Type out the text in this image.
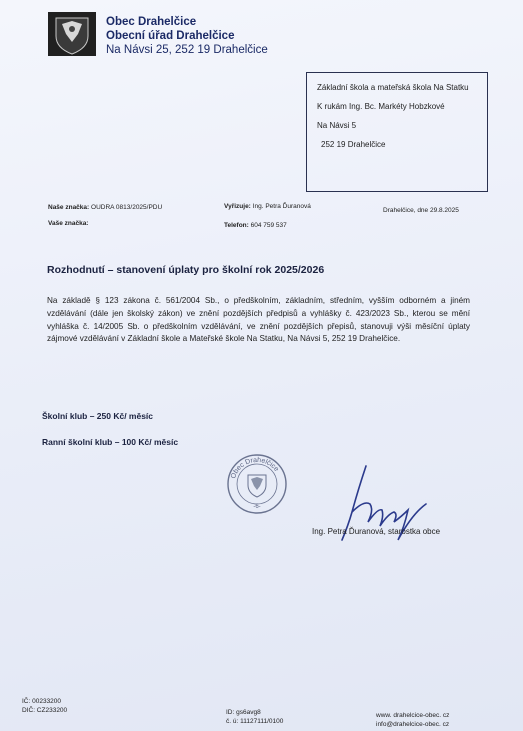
Obec Drahelčice
Obecní úřad Drahelčice
Na Návsi 25, 252 19 Drahelčice
Základní škola a mateřská škola Na Statku
K rukám Ing. Bc. Markéty Hobzkové
Na Návsi 5
252 19 Drahelčice
Naše značka: OUDRA 0813/2025/PDU
Vaše značka:
Vyřizuje: Ing. Petra Ďuranová
Telefon: 604 759 537
Drahelčice, dne 29.8.2025
Rozhodnutí – stanovení úplaty pro školní rok 2025/2026
Na základě § 123 zákona č. 561/2004 Sb., o předškolním, základním, středním, vyšším odborném a jiném vzdělávání (dále jen školský zákon) ve znění pozdějších předpisů a vyhlášky č. 423/2023 Sb., kterou se mění vyhláška č. 14/2005 Sb. o předškolním vzdělávání, ve znění pozdějších přepisů, stanovuji výši měsíční úplaty zájmové vzdělávání v Základní škole a Mateřské škole Na Statku, Na Návsi 5, 252 19 Drahelčice.
Školní klub – 250 Kč/ měsíc
Ranní školní klub – 100 Kč/ měsíc
Obec Drahelčice
-6-
Ing. Petra Ďuranová, starostka obce
IČ: 00233200
DIČ: CZ233200	ID: gs6avg8
č. ú: 11127111/0100
www. drahelcice-obec. cz
info@drahelcice-obec. cz
